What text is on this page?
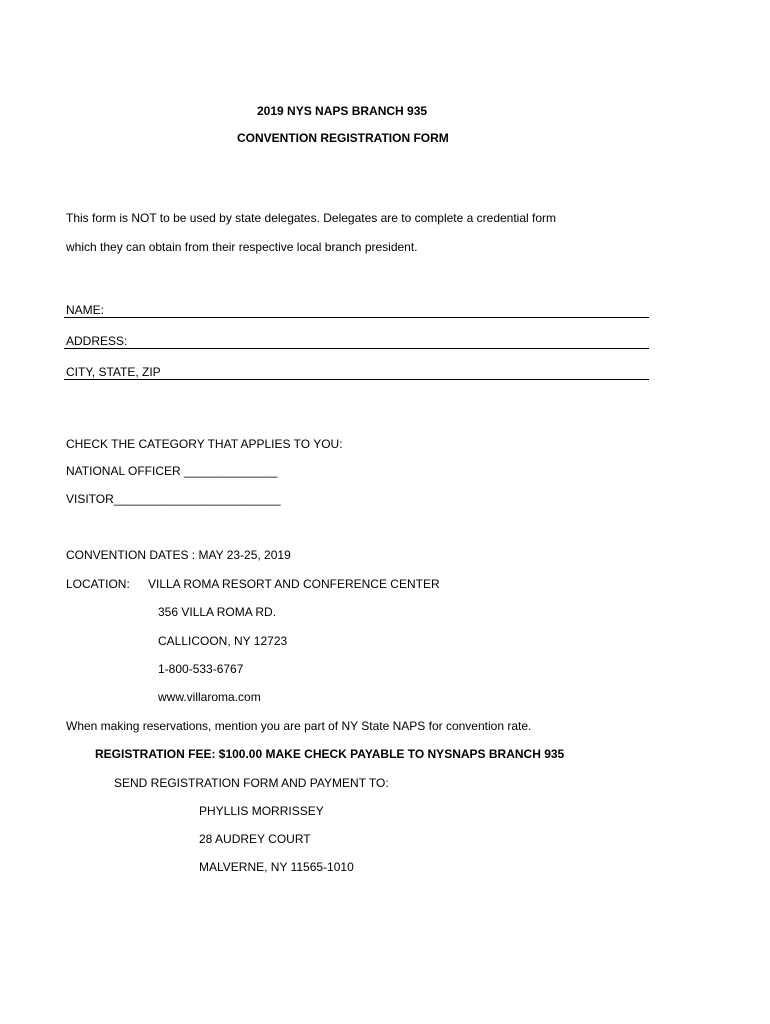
2019 NYS NAPS BRANCH 935
CONVENTION REGISTRATION FORM
This form is NOT to be used by state delegates. Delegates are to complete a credential form
which they can obtain from their respective local branch president.
NAME:
ADDRESS:
CITY, STATE, ZIP
CHECK THE CATEGORY THAT APPLIES TO YOU:
NATIONAL OFFICER ______________
VISITOR_________________________
CONVENTION DATES : MAY 23-25, 2019
LOCATION: VILLA ROMA RESORT AND CONFERENCE CENTER
356 VILLA ROMA RD.
CALLICOON, NY 12723
1-800-533-6767
www.villaroma.com
When making reservations, mention you are part of NY State NAPS for convention rate.
REGISTRATION FEE: $100.00 MAKE CHECK PAYABLE TO NYSNAPS BRANCH 935
SEND REGISTRATION FORM AND PAYMENT TO:
PHYLLIS MORRISSEY
28 AUDREY COURT
MALVERNE, NY 11565-1010
